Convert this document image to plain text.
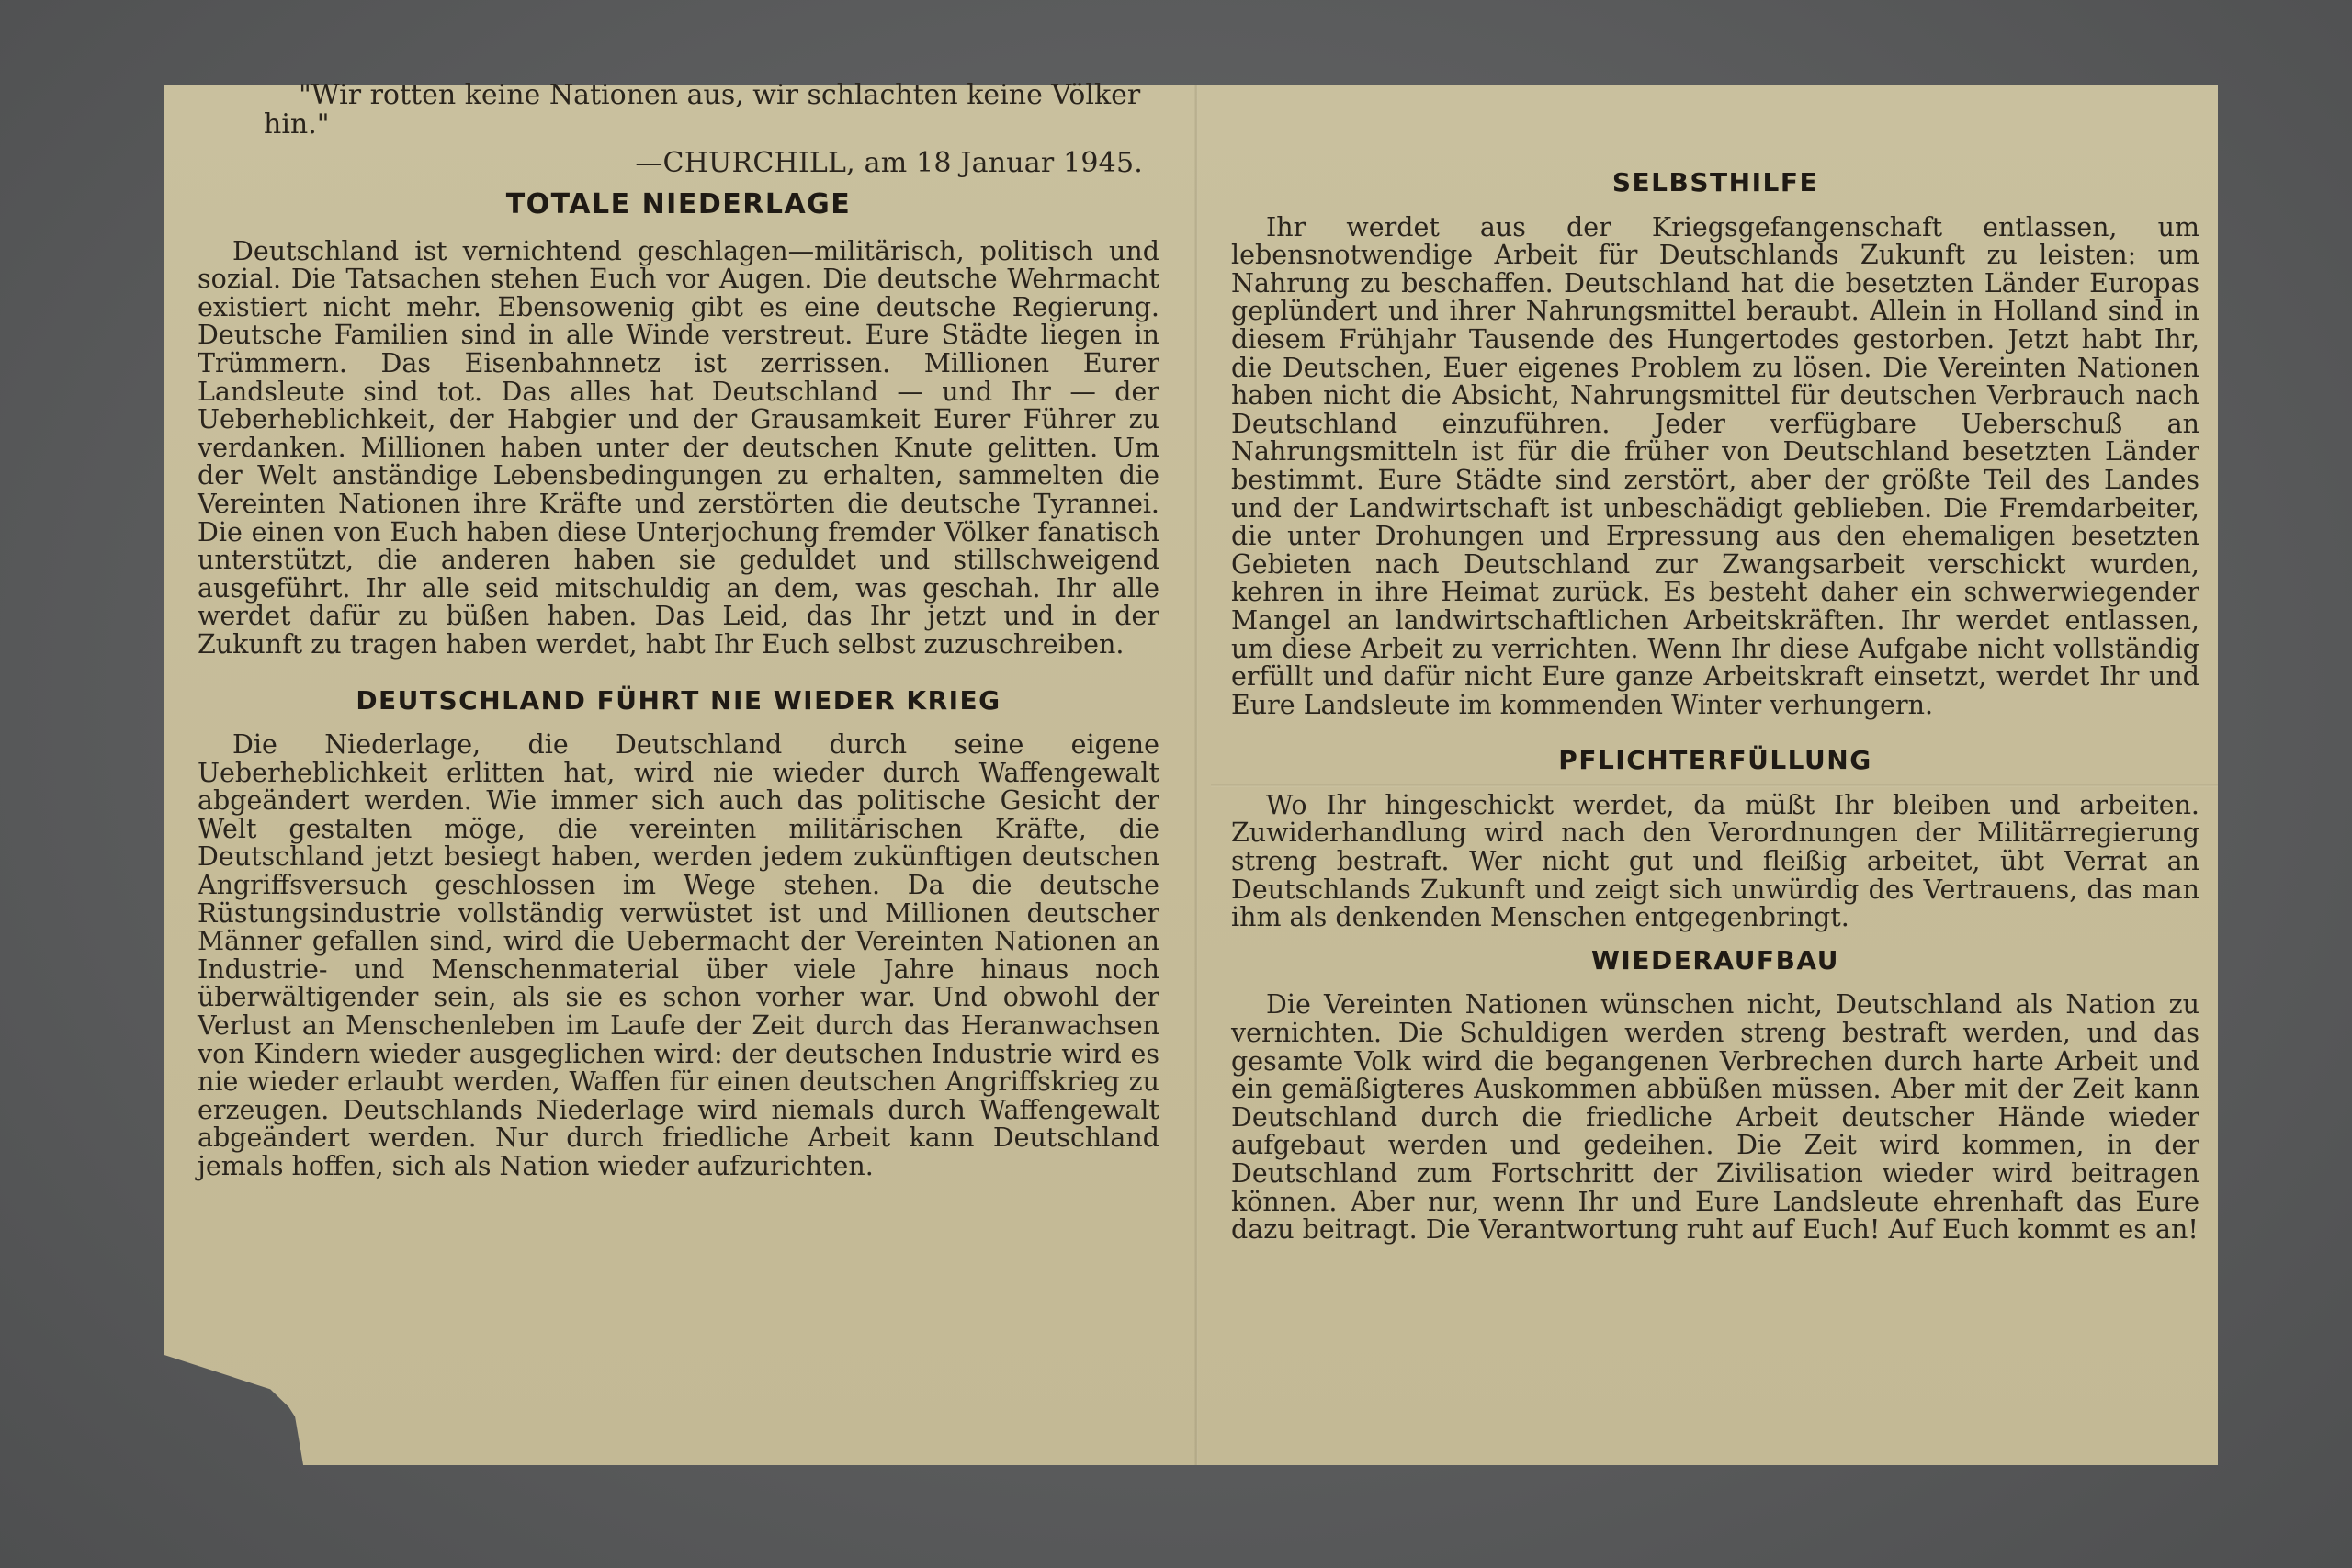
"Wir rotten keine Nationen aus, wir schlachten keine Völker hin."

—CHURCHILL, am 18 Januar 1945.
TOTALE NIEDERLAGE

Deutschland ist vernichtend geschlagen—militärisch, politisch und sozial. Die Tatsachen stehen Euch vor Augen. Die deutsche Wehrmacht existiert nicht mehr. Ebensowenig gibt es eine deutsche Regierung. Deutsche Familien sind in alle Winde verstreut. Eure Städte liegen in Trümmern. Das Eisenbahnnetz ist zerrissen. Millionen Eurer Landsleute sind tot. Das alles hat Deutschland — und Ihr — der Ueberheblichkeit, der Habgier und der Grausamkeit Eurer Führer zu verdanken. Millionen haben unter der deutschen Knute gelitten. Um der Welt anständige Lebensbedingungen zu erhalten, sammelten die Vereinten Nationen ihre Kräfte und zerstörten die deutsche Tyrannei. Die einen von Euch haben diese Unterjochung fremder Völker fanatisch unterstützt, die anderen haben sie geduldet und stillschweigend ausgeführt. Ihr alle seid mitschuldig an dem, was geschah. Ihr alle werdet dafür zu büßen haben. Das Leid, das Ihr jetzt und in der Zukunft zu tragen haben werdet, habt Ihr Euch selbst zuzuschreiben.

DEUTSCHLAND FÜHRT NIE WIEDER KRIEG

Die Niederlage, die Deutschland durch seine eigene Ueberheblichkeit erlitten hat, wird nie wieder durch Waffengewalt abgeändert werden. Wie immer sich auch das politische Gesicht der Welt gestalten möge, die vereinten militärischen Kräfte, die Deutschland jetzt besiegt haben, werden jedem zukünftigen deutschen Angriffsversuch geschlossen im Wege stehen. Da die deutsche Rüstungsindustrie vollständig verwüstet ist und Millionen deutscher Männer gefallen sind, wird die Uebermacht der Vereinten Nationen an Industrie- und Menschenmaterial über viele Jahre hinaus noch überwältigender sein, als sie es schon vorher war. Und obwohl der Verlust an Menschenleben im Laufe der Zeit durch das Heranwachsen von Kindern wieder ausgeglichen wird: der deutschen Industrie wird es nie wieder erlaubt werden, Waffen für einen deutschen Angriffskrieg zu erzeugen. Deutschlands Niederlage wird niemals durch Waffengewalt abgeändert werden. Nur durch friedliche Arbeit kann Deutschland jemals hoffen, sich als Nation wieder aufzurichten.

SELBSTHILFE

Ihr werdet aus der Kriegsgefangenschaft entlassen, um lebensnotwendige Arbeit für Deutschlands Zukunft zu leisten: um Nahrung zu beschaffen. Deutschland hat die besetzten Länder Europas geplündert und ihrer Nahrungsmittel beraubt. Allein in Holland sind in diesem Frühjahr Tausende des Hungertodes gestorben. Jetzt habt Ihr, die Deutschen, Euer eigenes Problem zu lösen. Die Vereinten Nationen haben nicht die Absicht, Nahrungsmittel für deutschen Verbrauch nach Deutschland einzuführen. Jeder verfügbare Ueberschuß an Nahrungsmitteln ist für die früher von Deutschland besetzten Länder bestimmt. Eure Städte sind zerstört, aber der größte Teil des Landes und der Landwirtschaft ist unbeschädigt geblieben. Die Fremdarbeiter, die unter Drohungen und Erpressung aus den ehemaligen besetzten Gebieten nach Deutschland zur Zwangsarbeit verschickt wurden, kehren in ihre Heimat zurück. Es besteht daher ein schwerwiegender Mangel an landwirtschaftlichen Arbeitskräften. Ihr werdet entlassen, um diese Arbeit zu verrichten. Wenn Ihr diese Aufgabe nicht vollständig erfüllt und dafür nicht Eure ganze Arbeitskraft einsetzt, werdet Ihr und Eure Landsleute im kommenden Winter verhungern.

PFLICHTERFÜLLUNG

Wo Ihr hingeschickt werdet, da müßt Ihr bleiben und arbeiten. Zuwiderhandlung wird nach den Verordnungen der Militärregierung streng bestraft. Wer nicht gut und fleißig arbeitet, übt Verrat an Deutschlands Zukunft und zeigt sich unwürdig des Vertrauens, das man ihm als denkenden Menschen entgegenbringt.

WIEDERAUFBAU

Die Vereinten Nationen wünschen nicht, Deutschland als Nation zu vernichten. Die Schuldigen werden streng bestraft werden, und das gesamte Volk wird die begangenen Verbrechen durch harte Arbeit und ein gemäßigteres Auskommen abbüßen müssen. Aber mit der Zeit kann Deutschland durch die friedliche Arbeit deutscher Hände wieder aufgebaut werden und gedeihen. Die Zeit wird kommen, in der Deutschland zum Fortschritt der Zivilisation wieder wird beitragen können. Aber nur, wenn Ihr und Eure Landsleute ehrenhaft das Eure dazu beitragt. Die Verantwortung ruht auf Euch! Auf Euch kommt es an!
